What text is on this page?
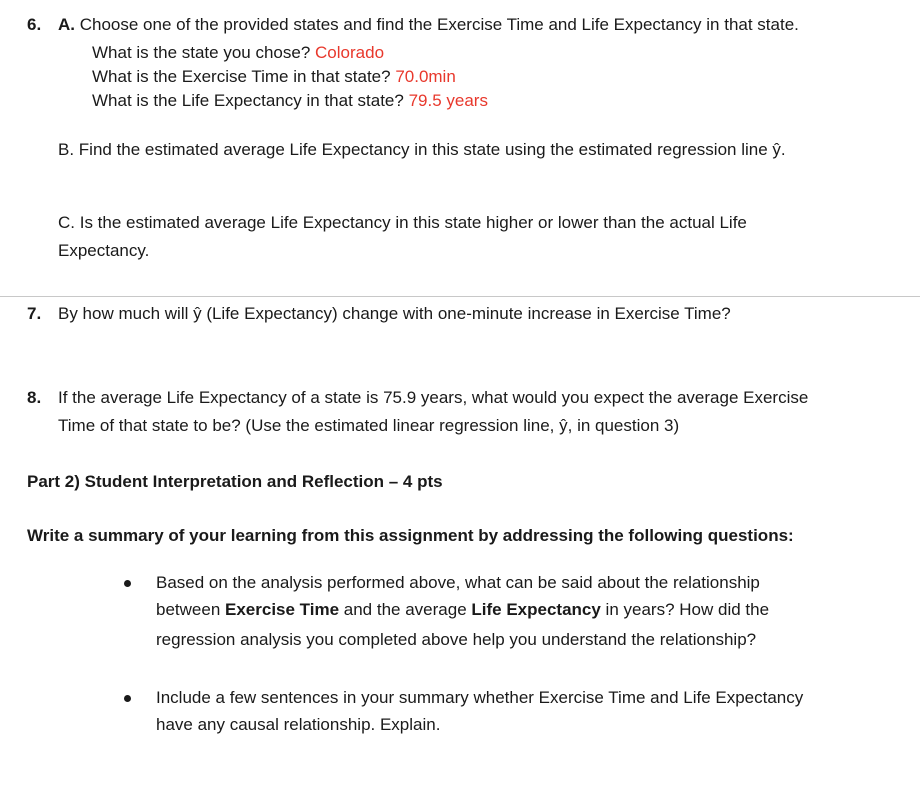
6. A. Choose one of the provided states and find the Exercise Time and Life Expectancy in that state.
What is the state you chose? Colorado
What is the Exercise Time in that state? 70.0min
What is the Life Expectancy in that state? 79.5 years
B. Find the estimated average Life Expectancy in this state using the estimated regression line ŷ.
C. Is the estimated average Life Expectancy in this state higher or lower than the actual Life
Expectancy.
7. By how much will ŷ (Life Expectancy) change with one-minute increase in Exercise Time?
8. If the average Life Expectancy of a state is 75.9 years, what would you expect the average Exercise
Time of that state to be? (Use the estimated linear regression line, ŷ, in question 3)
Part 2) Student Interpretation and Reflection – 4 pts
Write a summary of your learning from this assignment by addressing the following questions:
Based on the analysis performed above, what can be said about the relationship
between Exercise Time and the average Life Expectancy in years? How did the
regression analysis you completed above help you understand the relationship?
Include a few sentences in your summary whether Exercise Time and Life Expectancy
have any causal relationship. Explain.
